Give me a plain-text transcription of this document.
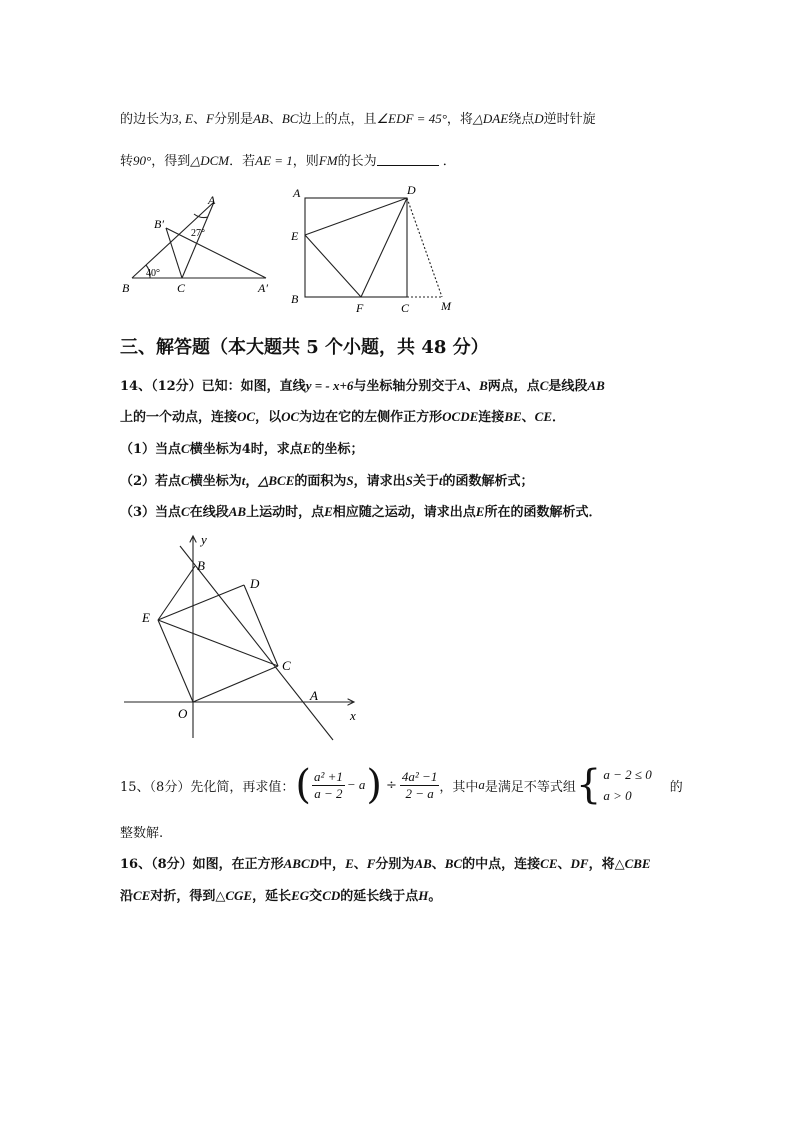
的边长为3, E、F分别是AB、BC边上的点，且∠EDF = 45°，将△DAE绕点D逆时针旋
转90°，得到△DCM．若AE = 1，则FM的长为	．
A
B′
B	C	A′
27°
40°
A	D
E
B
F	C	M
三、解答题（本大题共 5 个小题，共 48 分）
14、（12分）已知：如图，直线y = - x+6与坐标轴分别交于A、B两点，点C是线段AB
上的一个动点，连接OC，以OC为边在它的左侧作正方形OCDE连接BE、CE．
（1）当点C横坐标为4时，求点E的坐标；
（2）若点C横坐标为t，△BCE的面积为S，请求出S关于t的函数解析式；
（3）当点C在线段AB上运动时，点E相应随之运动，请求出点E所在的函数解析式．
y
x
B
D
E
C
A
O
15、（8分）先化简，再求值： ( $\frac{\text{a² +1}}{a - 2} - a$ ) ÷ $\frac{\text{4a² −1}}{2 - a}$ ，其中 a 是满足不等式组 { a − 2 ≤ 0
a > 0
的
整数解.
16、（8分）如图，在正方形ABCD中，E、F分别为AB、BC的中点，连接CE、DF，将△CBE
沿CE对折，得到△CGE，延长EG交CD的延长线于点H。
